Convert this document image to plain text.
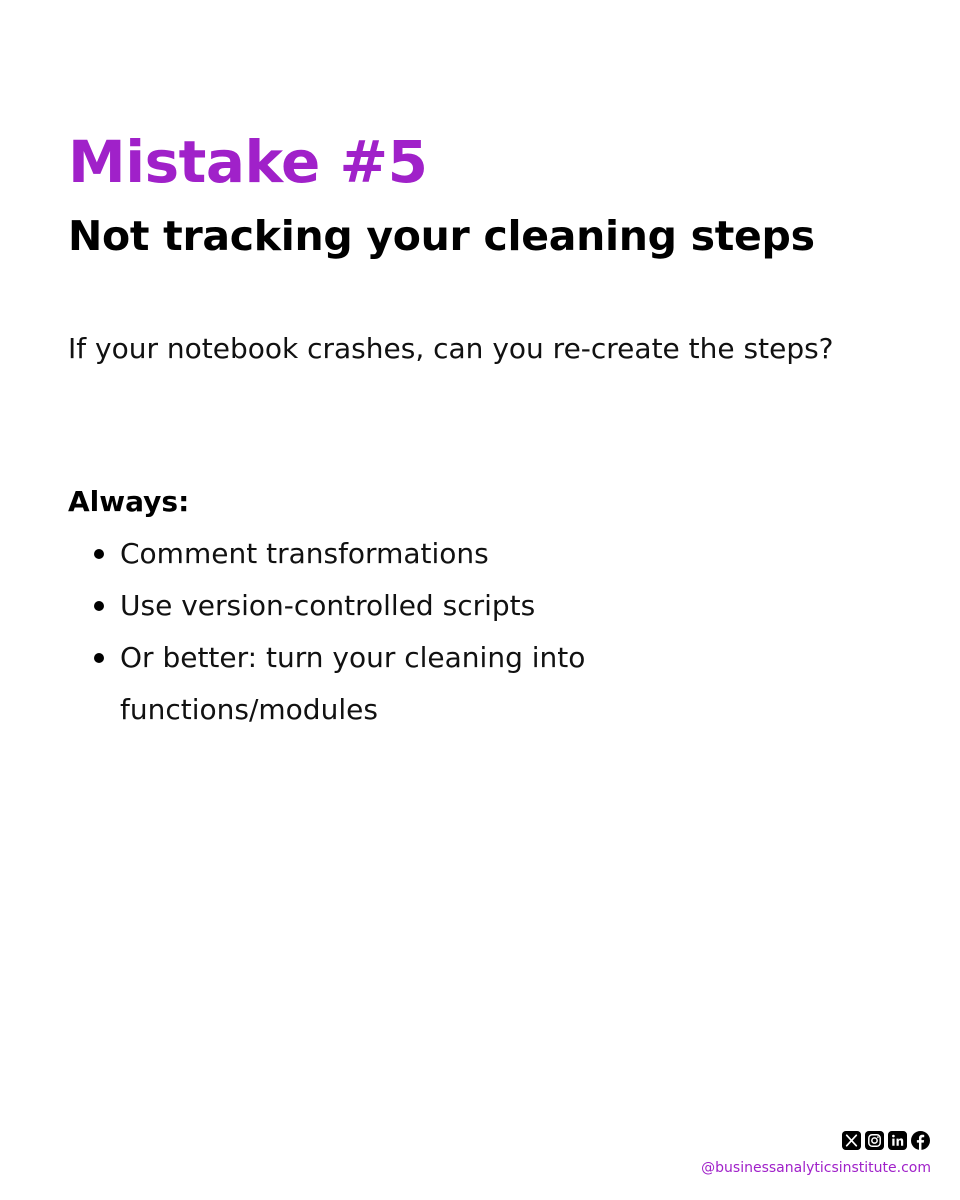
Mistake #5
Not tracking your cleaning steps

If your notebook crashes, can you re-create the steps?

Always:

Comment transformations
Use version-controlled scripts
Or better: turn your cleaning into functions/modules

@businessanalyticsinstitute.com
